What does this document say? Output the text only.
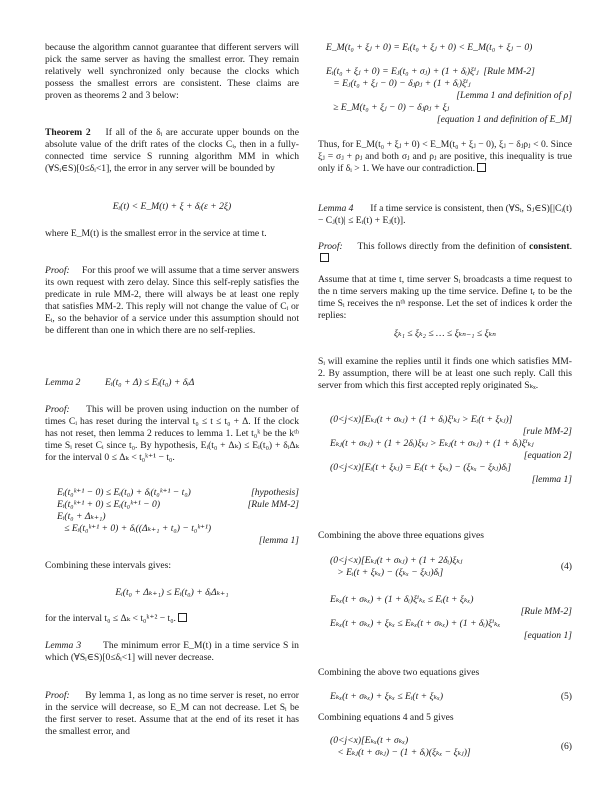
because the algorithm cannot guarantee that different servers will pick the same server as having the smallest error. They remain relatively well synchronized only because the clocks which possess the smallest errors are consistent. These claims are proven as theorems 2 and 3 below:
Theorem 2 If all of the δᵢ are accurate upper bounds on the absolute value of the drift rates of the clocks Cᵢ, then in a fully-connected time service S running algorithm MM in which (∀Sᵢ∈S)[0≤δᵢ<1], the error in any server will be bounded by
Eᵢ(t) < E_M(t) + ξ + δᵢ(ε + 2ξ)
where E_M(t) is the smallest error in the service at time t.
Proof: For this proof we will assume that a time server answers its own request with zero delay. Since this self-reply satisfies the predicate in rule MM-2, there will always be at least one reply that satisfies MM-2. This reply will not change the value of Cᵢ or Eᵢ, so the behavior of a service under this assumption should not be different than one in which there are no self-replies.
Lemma 2	Eᵢ(t₀ + Δ) ≤ Eᵢ(t₀) + δᵢΔ
Proof: This will be proven using induction on the number of times Cᵢ has reset during the interval t₀ ≤ t ≤ t₀ + Δ. If the clock has not reset, then lemma 2 reduces to lemma 1. Let t₀ᵏ be the kᵗʰ time Sᵢ reset Cᵢ since t₀. By hypothesis, Eᵢ(t₀ + Δₖ) ≤ Eᵢ(t₀) + δᵢΔₖ for the interval 0 ≤ Δₖ < t₀ᵏ⁺¹ − t₀.
Eᵢ(t₀ᵏ⁺¹ − 0) ≤ Eᵢ(t₀) + δᵢ(t₀ᵏ⁺¹ − t₀)	[hypothesis]
Eᵢ(t₀ᵏ⁺¹ + 0) ≤ Eᵢ(t₀ᵏ⁺¹ − 0)	[Rule MM-2]
Eᵢ(t₀ + Δₖ₊₁)
≤ Eᵢ(t₀ᵏ⁺¹ + 0) + δᵢ((Δₖ₊₁ + t₀) − t₀ᵏ⁺¹)
[lemma 1]
Combining these intervals gives:
Eᵢ(t₀ + Δₖ₊₁) ≤ Eᵢ(t₀) + δᵢΔₖ₊₁
for the interval t₀ ≤ Δₖ < t₀ᵏ⁺² − t₀.
Lemma 3 The minimum error E_M(t) in a time service S in which (∀Sᵢ∈S)[0≤δᵢ<1] will never decrease.
Proof: By lemma 1, as long as no time server is reset, no error in the service will decrease, so E_M can not decrease. Let Sᵢ be the first server to reset. Assume that at the end of its reset it has the smallest error, and
E_M(t₀ + ξⱼ + 0) = Eᵢ(t₀ + ξⱼ + 0) < E_M(t₀ + ξⱼ − 0)
Eᵢ(t₀ + ξⱼ + 0) = Eⱼ(t₀ + σⱼ) + (1 + δᵢ)ξⁱⱼ  [Rule MM-2]
= Eⱼ(t₀ + ξⱼ − 0) − δⱼρⱼ + (1 + δᵢ)ξⁱⱼ
[Lemma 1 and definition of ρ]
≥ E_M(t₀ + ξⱼ − 0) − δⱼρⱼ + ξⱼ
[equation 1 and definition of E_M]
Thus, for E_M(t₀ + ξⱼ + 0) < E_M(t₀ + ξⱼ − 0), ξⱼ − δⱼρⱼ < 0. Since ξⱼ = σⱼ + ρⱼ and both σⱼ and ρⱼ are positive, this inequality is true only if δᵢ > 1. We have our contradiction.
Lemma 4 If a time service is consistent, then (∀Sᵢ, Sⱼ∈S)[|Cᵢ(t) − Cⱼ(t)| ≤ Eᵢ(t) + Eⱼ(t)].
Proof: This follows directly from the definition of consistent.
Assume that at time t, time server Sᵢ broadcasts a time request to the n time servers making up the time service. Define tᵣ to be the time Sᵢ receives the nᵗʰ response. Let the set of indices k order the replies:
ξₖ₁ ≤ ξₖ₂ ≤ … ≤ ξₖₙ₋₁ ≤ ξₖₙ
Sᵢ will examine the replies until it finds one which satisfies MM-2. By assumption, there will be at least one such reply. Call this server from which this first accepted reply originated Sₖₓ.
(0<j<x)[Eₖⱼ(t + σₖⱼ) + (1 + δᵢ)ξⁱₖⱼ > Eᵢ(t + ξₖⱼ)]
[rule MM-2]
Eₖⱼ(t + σₖⱼ) + (1 + 2δᵢ)ξₖⱼ > Eₖⱼ(t + σₖⱼ) + (1 + δᵢ)ξⁱₖⱼ
[equation 2]
(0<j<x)[Eᵢ(t + ξₖⱼ) = Eᵢ(t + ξₖₓ) − (ξₖₓ − ξₖⱼ)δᵢ]
[lemma 1]
Combining the above three equations gives
(0<j<x)[Eₖⱼ(t + σₖⱼ) + (1 + 2δᵢ)ξₖⱼ
> Eᵢ(t + ξₖₓ) − (ξₖₓ − ξₖⱼ)δᵢ]
(4)
Eₖₓ(t + σₖₓ) + (1 + δᵢ)ξⁱₖₓ ≤ Eᵢ(t + ξₖₓ)
[Rule MM-2]
Eₖₓ(t + σₖₓ) + ξₖₓ ≤ Eₖₓ(t + σₖₓ) + (1 + δᵢ)ξⁱₖₓ
[equation 1]
Combining the above two equations gives
Eₖₓ(t + σₖₓ) + ξₖₓ ≤ Eᵢ(t + ξₖₓ)	(5)
Combining equations 4 and 5 gives
(0<j<x)[Eₖₓ(t + σₖₓ)
< Eₖⱼ(t + σₖⱼ) − (1 + δᵢ)(ξₖₓ − ξₖⱼ)]
(6)
